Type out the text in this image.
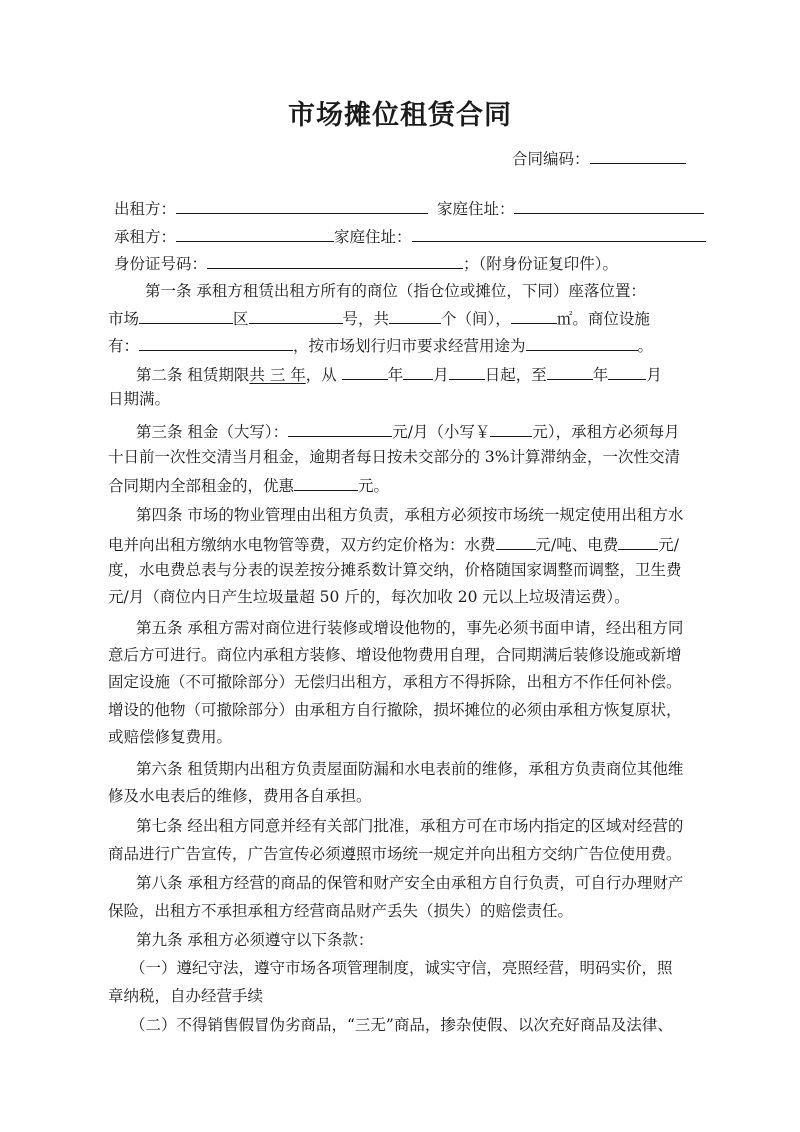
市场摊位租赁合同
合同编码：
出租方：	家庭住址：
承租方：	家庭住址：
身份证号码：	；（附身份证复印件）。
第一条 承租方租赁出租方所有的商位（指仓位或摊位，下同）座落位置：
市场	区	号，共	个（间），	㎡。商位设施
有：	，按市场划行归市要求经营用途为	。
第二条 租赁期限共 三 年，从	年 月 日起，至	年 月
日期满。
第三条 租金（大写）：	元/月（小写￥	元），承租方必须每月
十日前一次性交清当月租金，逾期者每日按未交部分的 3%计算滞纳金，一次性交清
合同期内全部租金的，优惠	元。
第四条 市场的物业管理由出租方负责，承租方必须按市场统一规定使用出租方水
电并向出租方缴纳水电物管等费，双方约定价格为：水费	元/吨、电费	元/
度，水电费总表与分表的误差按分摊系数计算交纳，价格随国家调整而调整，卫生费
元/月（商位内日产生垃圾量超 50 斤的，每次加收 20 元以上垃圾清运费）。
第五条 承租方需对商位进行装修或增设他物的，事先必须书面申请，经出租方同
意后方可进行。商位内承租方装修、增设他物费用自理，合同期满后装修设施或新增
固定设施（不可撤除部分）无偿归出租方，承租方不得拆除，出租方不作任何补偿。
增设的他物（可撤除部分）由承租方自行撤除，损坏摊位的必须由承租方恢复原状，
或赔偿修复费用。
第六条 租赁期内出租方负责屋面防漏和水电表前的维修，承租方负责商位其他维
修及水电表后的维修，费用各自承担。
第七条 经出租方同意并经有关部门批准，承租方可在市场内指定的区域对经营的
商品进行广告宣传，广告宣传必须遵照市场统一规定并向出租方交纳广告位使用费。
第八条 承租方经营的商品的保管和财产安全由承租方自行负责，可自行办理财产
保险，出租方不承担承租方经营商品财产丢失（损失）的赔偿责任。
第九条 承租方必须遵守以下条款：
（一）遵纪守法，遵守市场各项管理制度，诚实守信，亮照经营，明码实价，照
章纳税，自办经营手续
（二）不得销售假冒伪劣商品，“三无”商品，掺杂使假、以次充好商品及法律、
